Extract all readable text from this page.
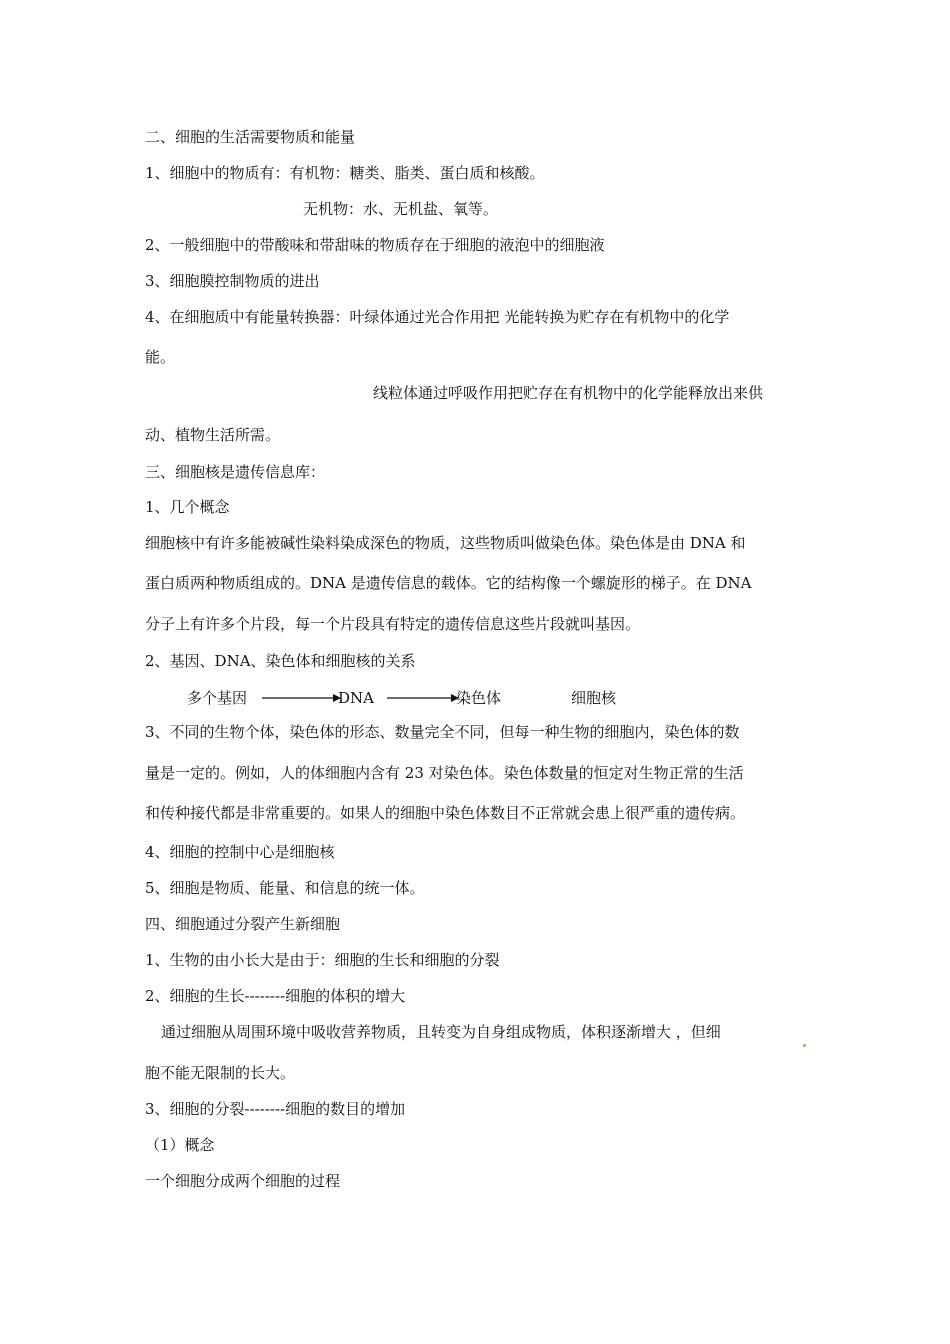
二、细胞的生活需要物质和能量
1、细胞中的物质有：有机物：糖类、脂类、蛋白质和核酸。
无机物：水、无机盐、氧等。
2、一般细胞中的带酸味和带甜味的物质存在于细胞的液泡中的细胞液
3、细胞膜控制物质的进出
4、在细胞质中有能量转换器：叶绿体通过光合作用把 光能转换为贮存在有机物中的化学
能。
线粒体通过呼吸作用把贮存在有机物中的化学能释放出来供
动、植物生活所需。
三、细胞核是遗传信息库：
1、几个概念
细胞核中有许多能被碱性染料染成深色的物质，这些物质叫做染色体。染色体是由 DNA 和
蛋白质两种物质组成的。DNA 是遗传信息的载体。它的结构像一个螺旋形的梯子。在 DNA
分子上有许多个片段，每一个片段具有特定的遗传信息这些片段就叫基因。
2、基因、DNA、染色体和细胞核的关系
多个基因	DNA	染色体	细胞核
3、不同的生物个体，染色体的形态、数量完全不同，但每一种生物的细胞内，染色体的数
量是一定的。例如，人的体细胞内含有 23 对染色体。染色体数量的恒定对生物正常的生活
和传种接代都是非常重要的。如果人的细胞中染色体数目不正常就会患上很严重的遗传病。
4、细胞的控制中心是细胞核
5、细胞是物质、能量、和信息的统一体。
四、细胞通过分裂产生新细胞
1、生物的由小长大是由于：细胞的生长和细胞的分裂
2、细胞的生长--------细胞的体积的增大
通过细胞从周围环境中吸收营养物质，且转变为自身组成物质，体积逐渐增大 ，但细
胞不能无限制的长大。
3、细胞的分裂--------细胞的数目的增加
（1）概念
一个细胞分成两个细胞的过程
